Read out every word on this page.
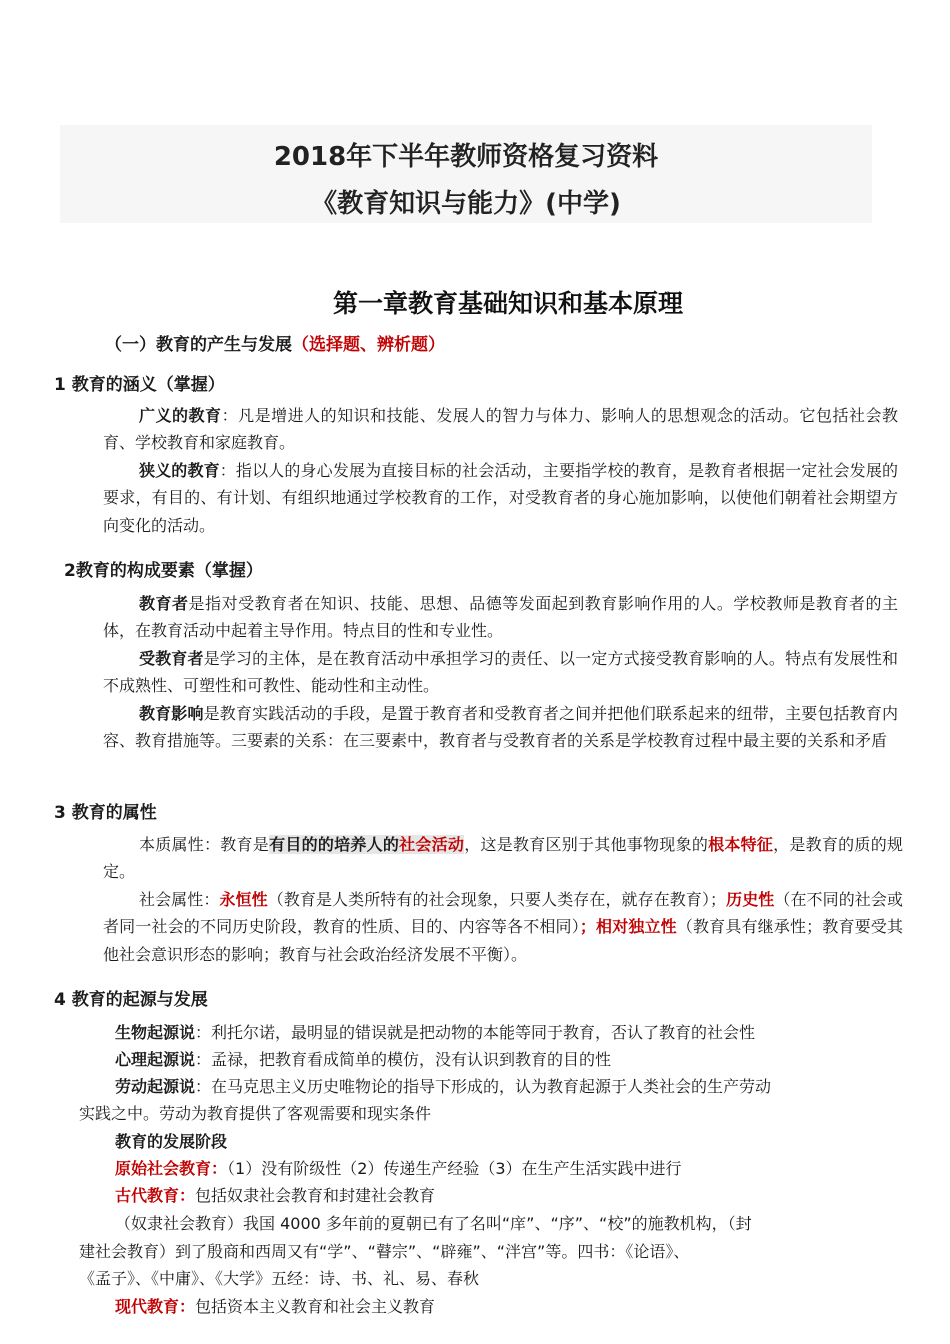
2018年下半年教师资格复习资料
《教育知识与能力》(中学)
第一章教育基础知识和基本原理
（一）教育的产生与发展（选择题、辨析题）
1 教育的涵义（掌握）
广义的教育：凡是增进人的知识和技能、发展人的智力与体力、影响人的思想观念的活动。它包括社会教育、学校教育和家庭教育。
狭义的教育：指以人的身心发展为直接目标的社会活动，主要指学校的教育，是教育者根据一定社会发展的要求，有目的、有计划、有组织地通过学校教育的工作，对受教育者的身心施加影响，以使他们朝着社会期望方向变化的活动。
2教育的构成要素（掌握）
教育者是指对受教育者在知识、技能、思想、品德等发面起到教育影响作用的人。学校教师是教育者的主体，在教育活动中起着主导作用。特点目的性和专业性。
受教育者是学习的主体，是在教育活动中承担学习的责任、以一定方式接受教育影响的人。特点有发展性和不成熟性、可塑性和可教性、能动性和主动性。
教育影响是教育实践活动的手段，是置于教育者和受教育者之间并把他们联系起来的纽带，主要包括教育内容、教育措施等。三要素的关系：在三要素中，教育者与受教育者的关系是学校教育过程中最主要的关系和矛盾
3 教育的属性
本质属性：教育是有目的的培养人的社会活动，这是教育区别于其他事物现象的根本特征，是教育的质的规定。
社会属性：永恒性（教育是人类所特有的社会现象，只要人类存在，就存在教育）；历史性（在不同的社会或者同一社会的不同历史阶段，教育的性质、目的、内容等各不相同）；相对独立性（教育具有继承性；教育要受其他社会意识形态的影响；教育与社会政治经济发展不平衡）。
4 教育的起源与发展
生物起源说：利托尔诺，最明显的错误就是把动物的本能等同于教育，否认了教育的社会性
心理起源说：孟禄，把教育看成简单的模仿，没有认识到教育的目的性
劳动起源说：在马克思主义历史唯物论的指导下形成的，认为教育起源于人类社会的生产劳动
实践之中。劳动为教育提供了客观需要和现实条件
教育的发展阶段
原始社会教育：（1）没有阶级性（2）传递生产经验（3）在生产生活实践中进行
古代教育：包括奴隶社会教育和封建社会教育
（奴隶社会教育）我国 4000 多年前的夏朝已有了名叫“庠”、“序”、“校”的施教机构，（封
建社会教育）到了殷商和西周又有“学”、“瞽宗”、“辟雍”、“泮宫”等。四书：《论语》、
《孟子》、《中庸》、《大学》五经：诗、书、礼、易、春秋
现代教育：包括资本主义教育和社会主义教育
